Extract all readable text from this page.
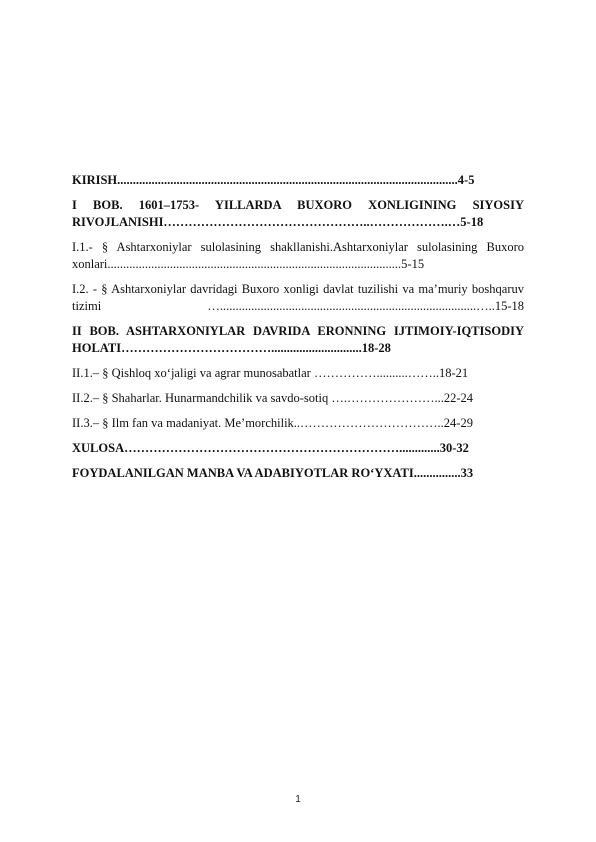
KIRISH.............................................................................................................4-5
I BOB. 1601–1753- YILLARDA BUXORO XONLIGINING SIYOSIY RIVOJLANISHI…………………………………………..……………….…5-18
I.1.- § Ashtarxoniylar sulolasining shakllanishi.Ashtarxoniylar sulolasining Buxoro xonlari..............................................................................................5-15
I.2. - § Ashtarxoniylar davridagi Buxoro xonligi davlat tuzilishi va ma’muriy boshqaruv tizimi …..................................................................................…..15-18
II BOB. ASHTARXONIYLAR DAVRIDA ERONNING IJTIMOIY-IQTISODIY HOLATI……………………………….............................18-28
II.1.– § Qishloq xo‘jaligi va agrar munosabatlar ……………..........……..18-21
II.2.– § Shaharlar. Hunarmandchilik va savdo-sotiq ….…………………...22-24
II.3.– § Ilm fan va madaniyat. Me’morchilik..……………………………..24-29
XULOSA………………………………………………………….............30-32
FOYDALANILGAN MANBA VA ADABIYOTLAR RO‘YXATI...............33
1
